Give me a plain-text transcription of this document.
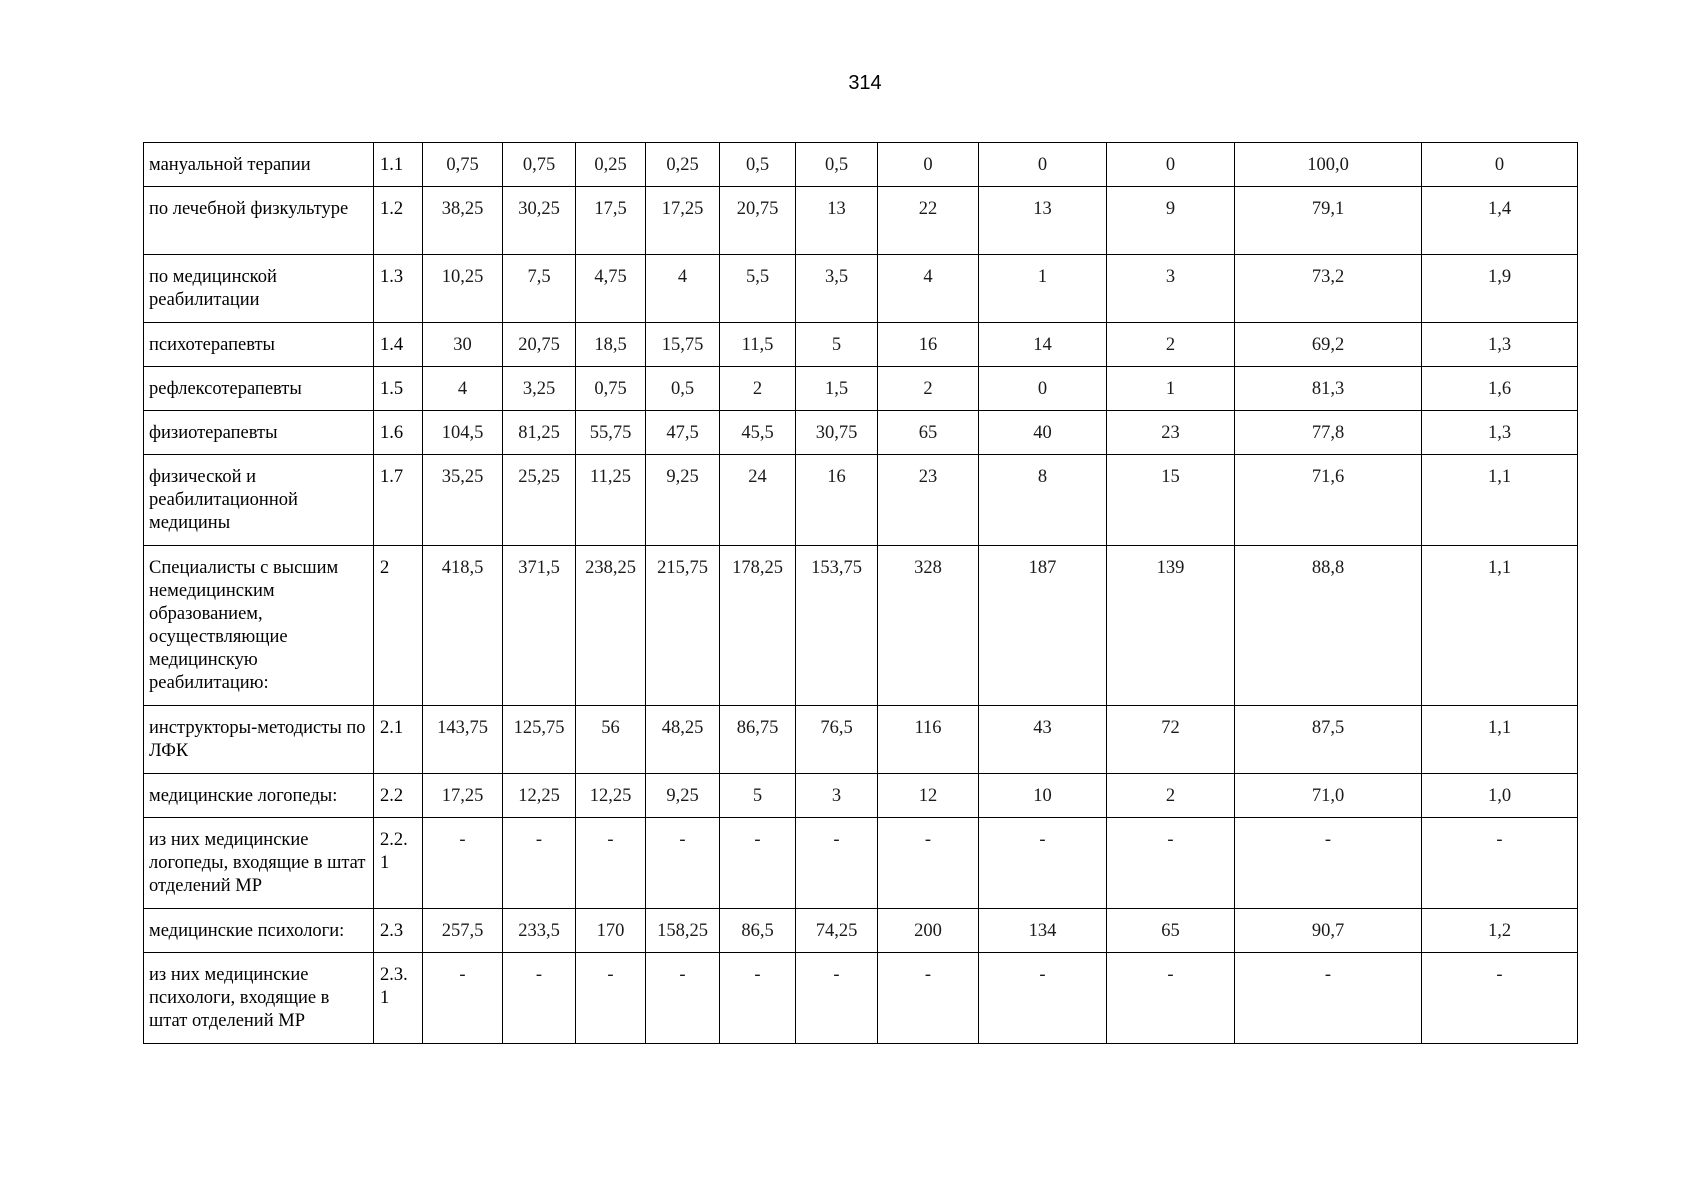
314
мануальной терапии	1.1	0,75	0,75	0,25	0,25	0,5	0,5	0	0	0	100,0	0
по лечебной физкультуре	1.2	38,25	30,25	17,5	17,25	20,75	13	22	13	9	79,1	1,4
по медицинской реабилитации	1.3	10,25	7,5	4,75	4	5,5	3,5	4	1	3	73,2	1,9
психотерапевты	1.4	30	20,75	18,5	15,75	11,5	5	16	14	2	69,2	1,3
рефлексотерапевты	1.5	4	3,25	0,75	0,5	2	1,5	2	0	1	81,3	1,6
физиотерапевты	1.6	104,5	81,25	55,75	47,5	45,5	30,75	65	40	23	77,8	1,3
физической и реабилитационной медицины	1.7	35,25	25,25	11,25	9,25	24	16	23	8	15	71,6	1,1
Специалисты с высшим немедицинским образованием, осуществляющие медицинскую реабилитацию:	2	418,5	371,5	238,25	215,75	178,25	153,75	328	187	139	88,8	1,1
инструкторы-методисты по ЛФК	2.1	143,75	125,75	56	48,25	86,75	76,5	116	43	72	87,5	1,1
медицинские логопеды:	2.2	17,25	12,25	12,25	9,25	5	3	12	10	2	71,0	1,0
из них медицинские логопеды, входящие в штат отделений МР	2.2. 1	-	-	-	-	-	-	-	-	-	-	-
медицинские психологи:	2.3	257,5	233,5	170	158,25	86,5	74,25	200	134	65	90,7	1,2
из них медицинские психологи, входящие в штат отделений МР	2.3. 1	-	-	-	-	-	-	-	-	-	-	-
